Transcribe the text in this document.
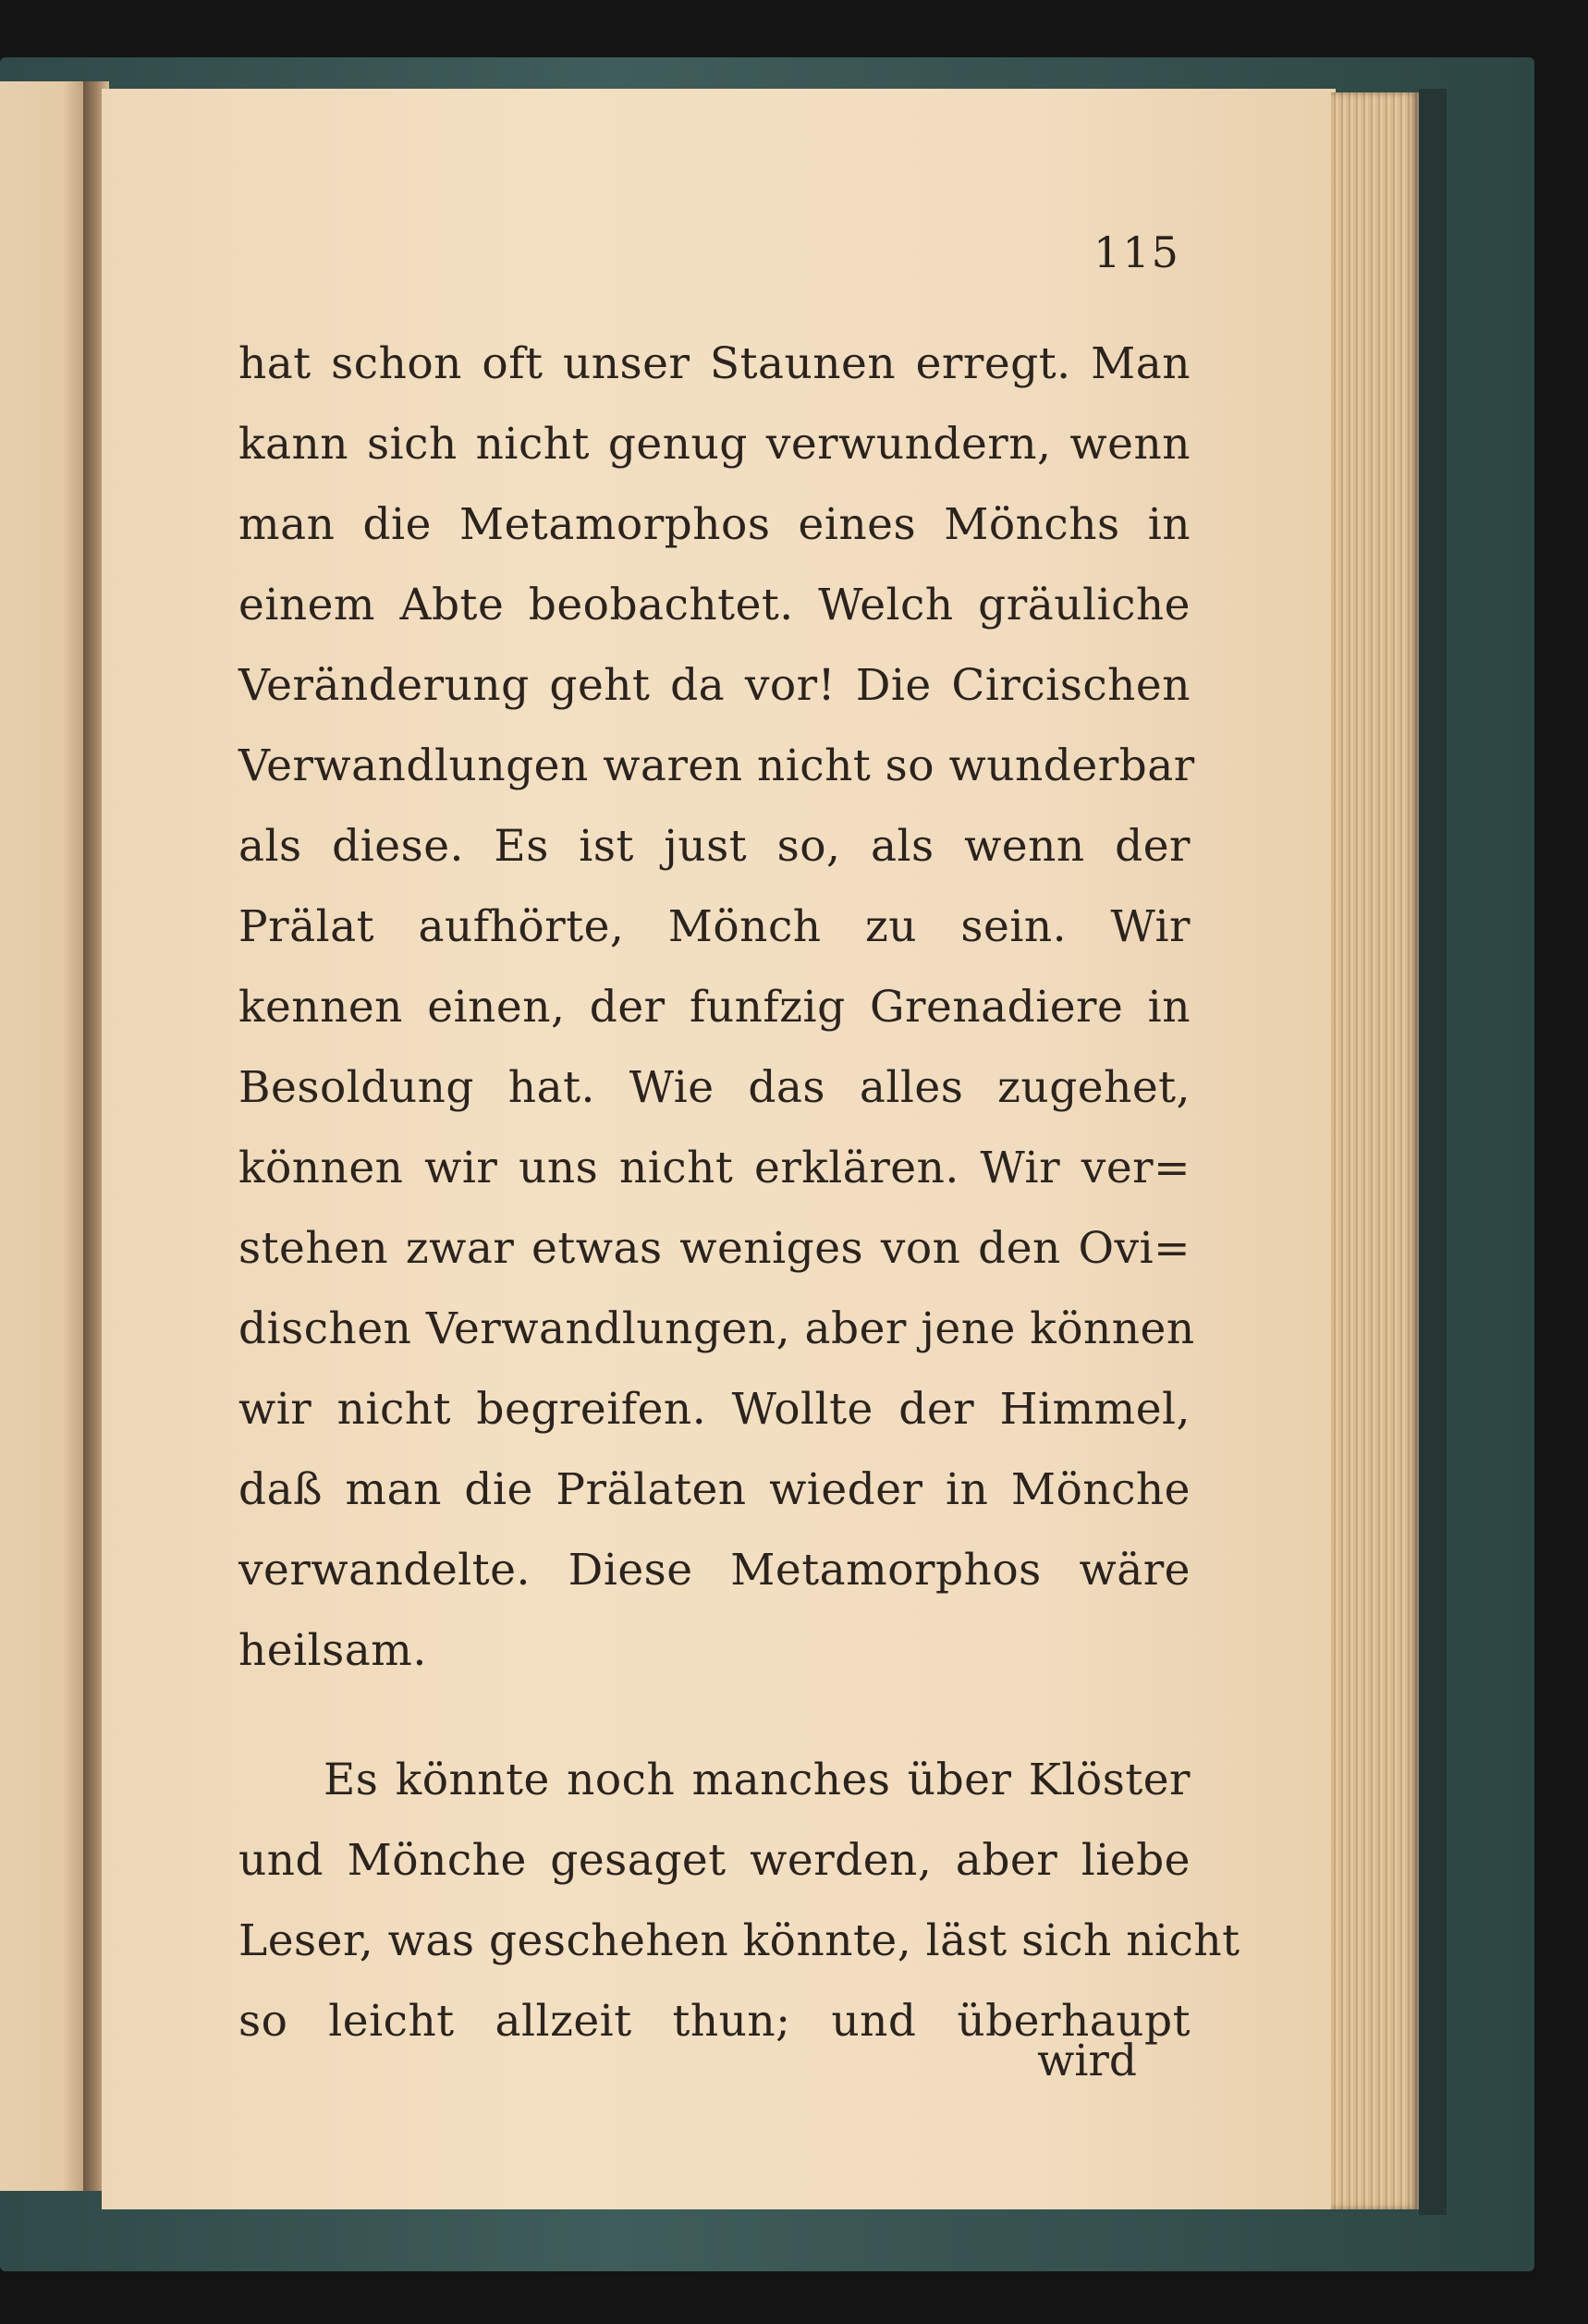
115
hat schon oft unser Staunen erregt. Man
kann sich nicht genug verwundern, wenn
man die Metamorphos eines Mönchs in
einem Abte beobachtet. Welch gräuliche
Veränderung geht da vor! Die Circischen
Verwandlungen waren nicht so wunderbar
als diese. Es ist just so, als wenn der
Prälat aufhörte, Mönch zu sein. Wir
kennen einen, der funfzig Grenadiere in
Besoldung hat. Wie das alles zugehet,
können wir uns nicht erklären. Wir ver=
stehen zwar etwas weniges von den Ovi=
dischen Verwandlungen, aber jene können
wir nicht begreifen. Wollte der Himmel,
daß man die Prälaten wieder in Mönche
verwandelte. Diese Metamorphos wäre
heilsam.
Es könnte noch manches über Klöster
und Mönche gesaget werden, aber liebe
Leser, was geschehen könnte, läst sich nicht
so leicht allzeit thun; und überhaupt
wird
